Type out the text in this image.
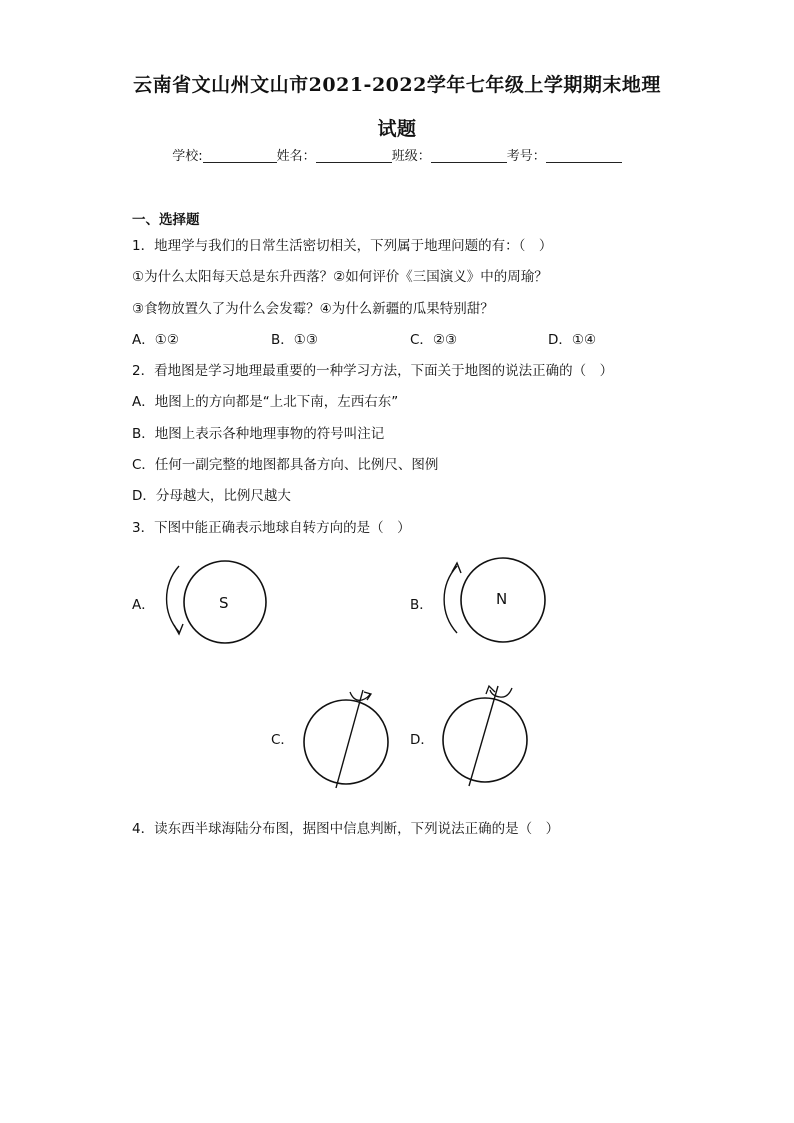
云南省文山州文山市2021-2022学年七年级上学期期末地理
试题
学校:	姓名：	班级：	考号：
一、选择题
1．地理学与我们的日常生活密切相关，下列属于地理问题的有：（　）
①为什么太阳每天总是东升西落？②如何评价《三国演义》中的周瑜？
③食物放置久了为什么会发霉？④为什么新疆的瓜果特别甜？
A．①②	B．①③	C．②③	D．①④
2．看地图是学习地理最重要的一种学习方法，下面关于地图的说法正确的（　）
A．地图上的方向都是“上北下南，左西右东”
B．地图上表示各种地理事物的符号叫注记
C．任何一副完整的地图都具备方向、比例尺、图例
D．分母越大，比例尺越大
3．下图中能正确表示地球自转方向的是（　）
A．	S	B．	N
C．	D．
4．读东西半球海陆分布图，据图中信息判断，下列说法正确的是（　）
